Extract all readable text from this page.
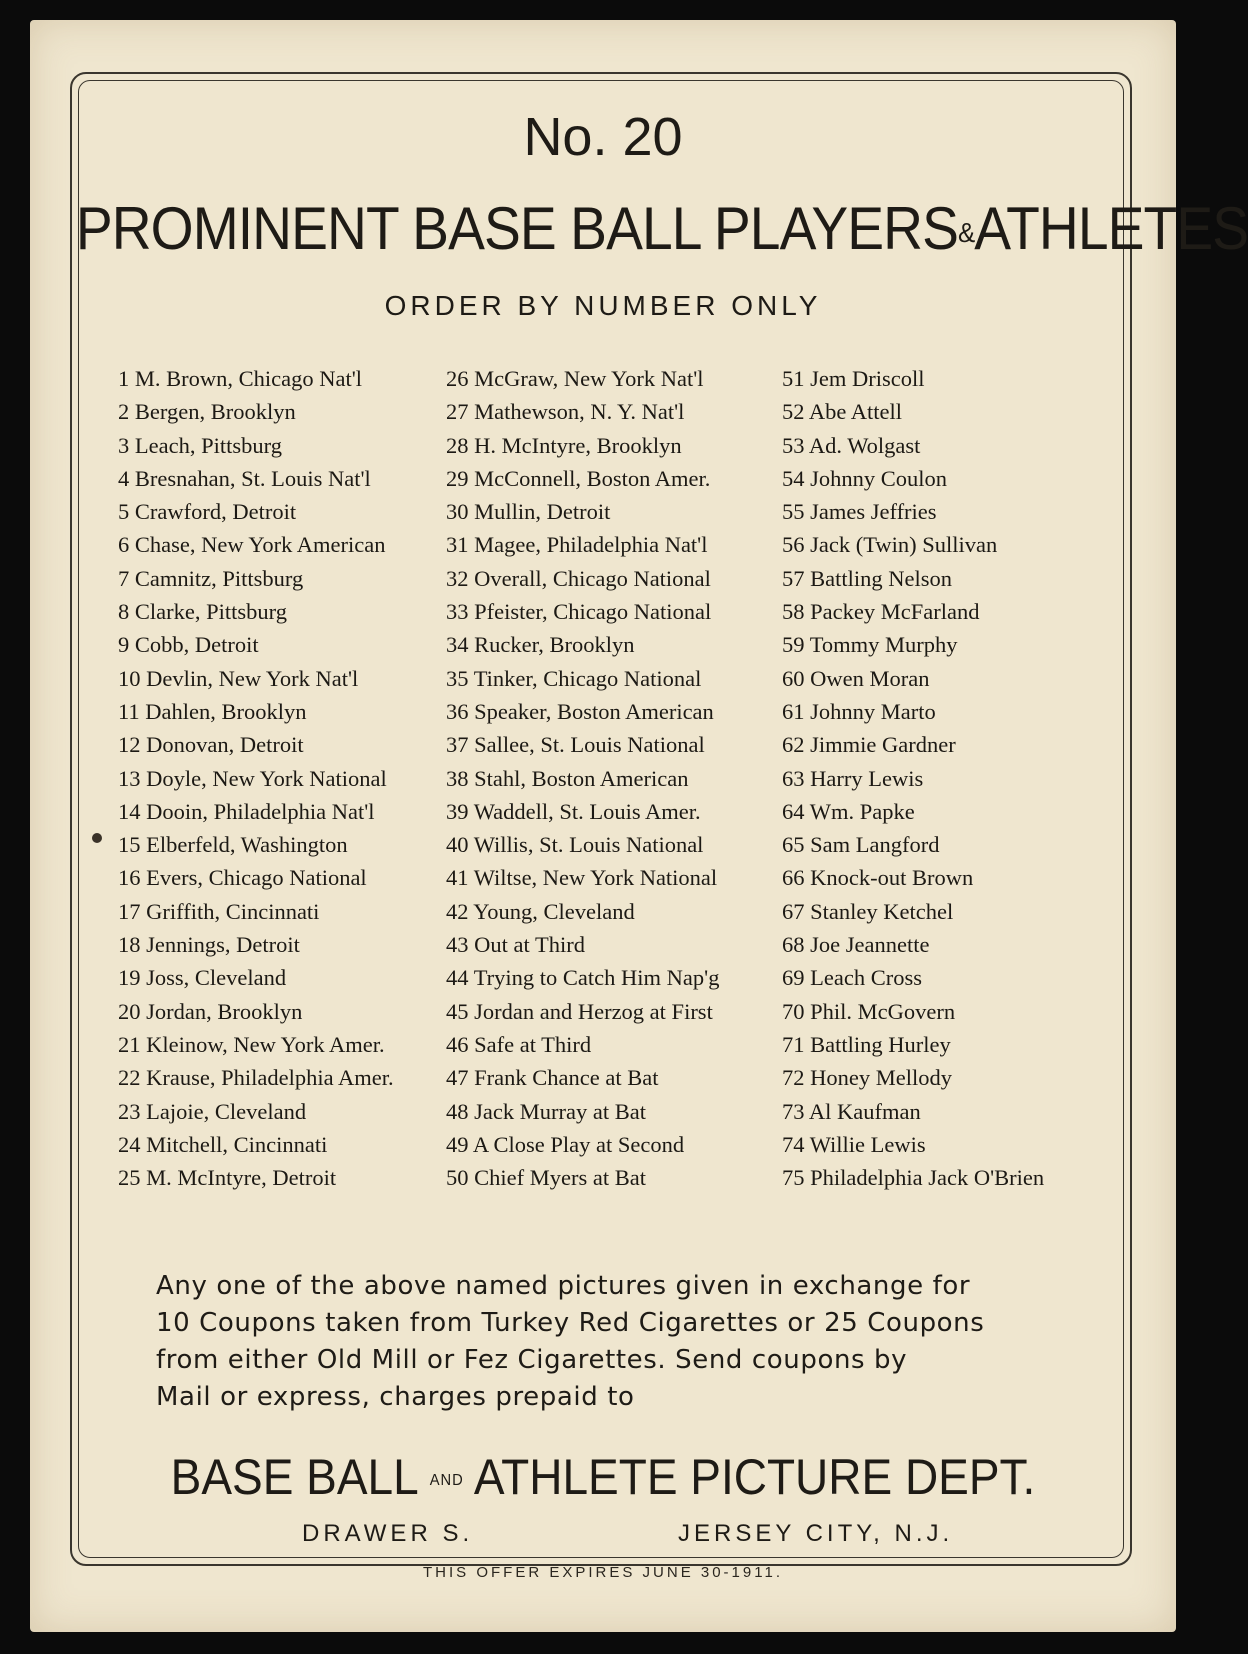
No. 20
PROMINENT BASE BALL PLAYERS&ATHLETES
ORDER BY NUMBER ONLY
1 M. Brown, Chicago Nat'l
2 Bergen, Brooklyn
3 Leach, Pittsburg
4 Bresnahan, St. Louis Nat'l
5 Crawford, Detroit
6 Chase, New York American
7 Camnitz, Pittsburg
8 Clarke, Pittsburg
9 Cobb, Detroit
10 Devlin, New York Nat'l
11 Dahlen, Brooklyn
12 Donovan, Detroit
13 Doyle, New York National
14 Dooin, Philadelphia Nat'l
15 Elberfeld, Washington
16 Evers, Chicago National
17 Griffith, Cincinnati
18 Jennings, Detroit
19 Joss, Cleveland
20 Jordan, Brooklyn
21 Kleinow, New York Amer.
22 Krause, Philadelphia Amer.
23 Lajoie, Cleveland
24 Mitchell, Cincinnati
25 M. McIntyre, Detroit
26 McGraw, New York Nat'l
27 Mathewson, N. Y. Nat'l
28 H. McIntyre, Brooklyn
29 McConnell, Boston Amer.
30 Mullin, Detroit
31 Magee, Philadelphia Nat'l
32 Overall, Chicago National
33 Pfeister, Chicago National
34 Rucker, Brooklyn
35 Tinker, Chicago National
36 Speaker, Boston American
37 Sallee, St. Louis National
38 Stahl, Boston American
39 Waddell, St. Louis Amer.
40 Willis, St. Louis National
41 Wiltse, New York National
42 Young, Cleveland
43 Out at Third
44 Trying to Catch Him Nap'g
45 Jordan and Herzog at First
46 Safe at Third
47 Frank Chance at Bat
48 Jack Murray at Bat
49 A Close Play at Second
50 Chief Myers at Bat
51 Jem Driscoll
52 Abe Attell
53 Ad. Wolgast
54 Johnny Coulon
55 James Jeffries
56 Jack (Twin) Sullivan
57 Battling Nelson
58 Packey McFarland
59 Tommy Murphy
60 Owen Moran
61 Johnny Marto
62 Jimmie Gardner
63 Harry Lewis
64 Wm. Papke
65 Sam Langford
66 Knock-out Brown
67 Stanley Ketchel
68 Joe Jeannette
69 Leach Cross
70 Phil. McGovern
71 Battling Hurley
72 Honey Mellody
73 Al Kaufman
74 Willie Lewis
75 Philadelphia Jack O'Brien
Any one of the above named pictures given in exchange for
10 Coupons taken from Turkey Red Cigarettes or 25 Coupons
from either Old Mill or Fez Cigarettes. Send coupons by
Mail or express, charges prepaid to
BASE BALL AND ATHLETE PICTURE DEPT.
DRAWER S.	JERSEY CITY, N.J.
THIS OFFER EXPIRES JUNE 30-1911.
